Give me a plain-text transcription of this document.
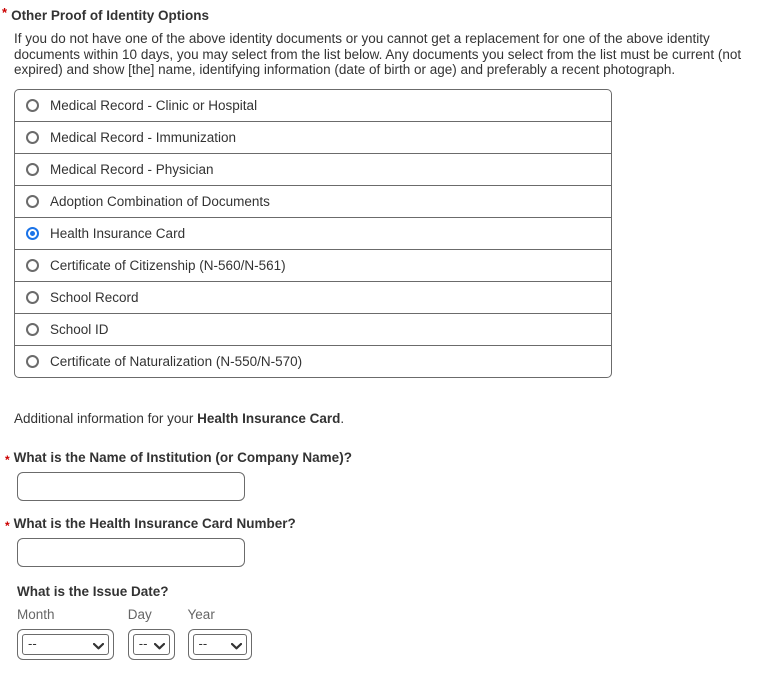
* Other Proof of Identity Options

If you do not have one of the above identity documents or you cannot get a replacement for one of the above identity documents within 10 days, you may select from the list below. Any documents you select from the list must be current (not expired) and show [the] name, identifying information (date of birth or age) and preferably a recent photograph.

Medical Record - Clinic or Hospital
Medical Record - Immunization
Medical Record - Physician
Adoption Combination of Documents
Health Insurance Card
Certificate of Citizenship (N-560/N-561)
School Record
School ID
Certificate of Naturalization (N-550/N-570)

Additional information for your Health Insurance Card.

* What is the Name of Institution (or Company Name)?
* What is the Health Insurance Card Number?
What is the Issue Date?
Month
--
	Day
--
	Year
--
